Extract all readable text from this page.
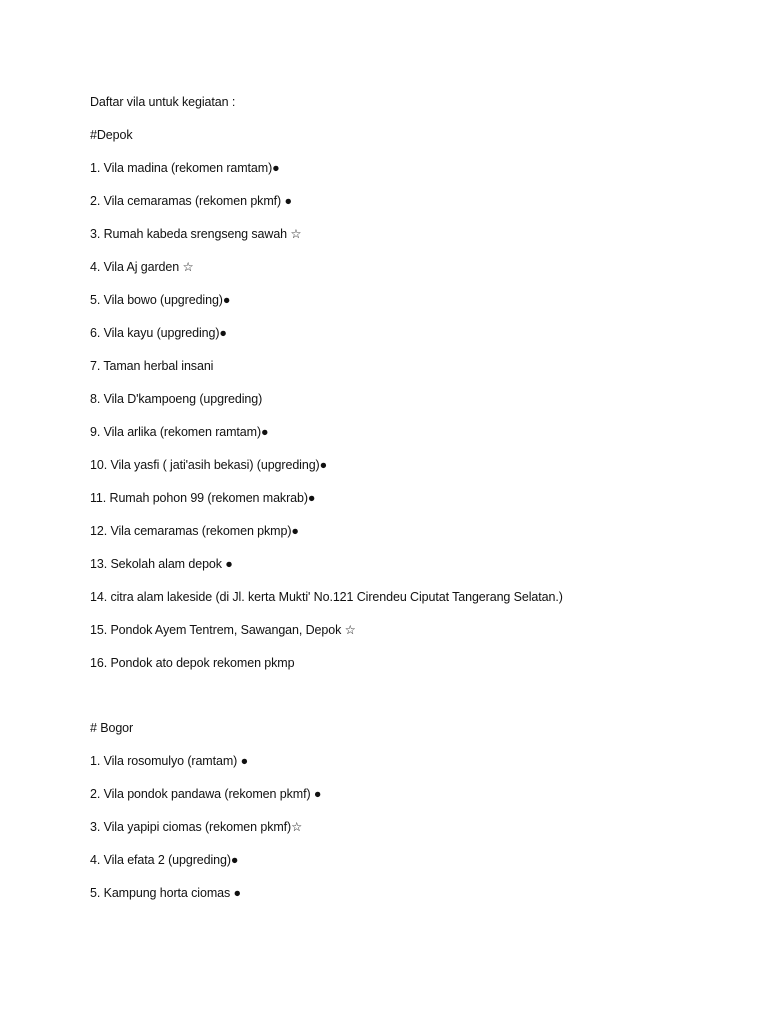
Daftar vila untuk kegiatan :
#Depok
1. Vila madina (rekomen ramtam)●
2. Vila cemaramas (rekomen pkmf) ●
3. Rumah kabeda srengseng sawah ☆
4. Vila Aj garden ☆
5. Vila bowo (upgreding)●
6. Vila kayu (upgreding)●
7. Taman herbal insani
8. Vila D'kampoeng (upgreding)
9. Vila arlika (rekomen ramtam)●
10. Vila yasfi ( jati'asih bekasi) (upgreding)●
11. Rumah pohon 99 (rekomen makrab)●
12. Vila cemaramas (rekomen pkmp)●
13. Sekolah alam depok ●
14. citra alam lakeside (di Jl. kerta Mukti' No.121 Cirendeu Ciputat Tangerang Selatan.)
15. Pondok Ayem Tentrem, Sawangan, Depok ☆
16. Pondok ato depok rekomen pkmp
# Bogor
1. Vila rosomulyo (ramtam) ●
2. Vila pondok pandawa (rekomen pkmf) ●
3. Vila yapipi ciomas (rekomen pkmf)☆
4. Vila efata 2 (upgreding)●
5. Kampung horta ciomas ●
